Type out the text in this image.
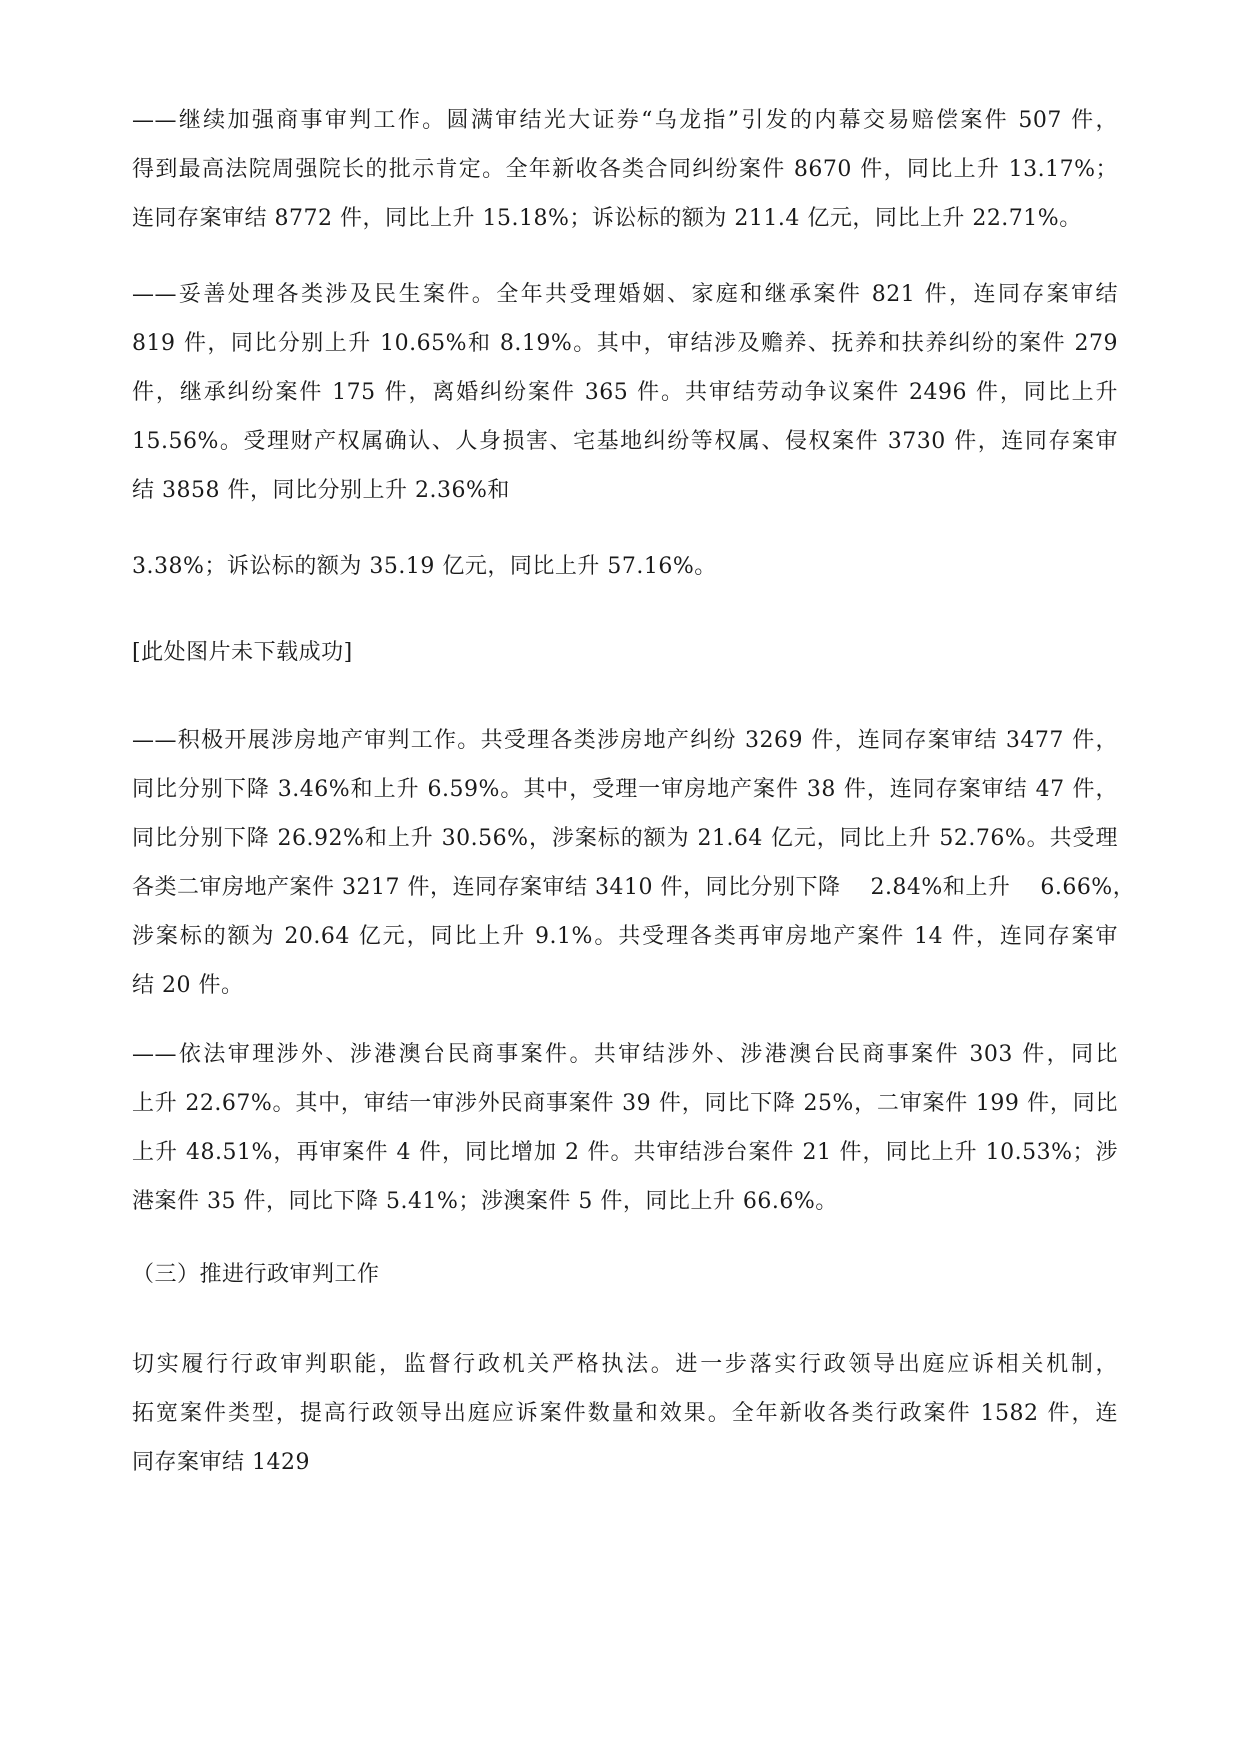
——继续加强商事审判工作。圆满审结光大证券“乌龙指”引发的内幕交易赔偿案件 507 件，
得到最高法院周强院长的批示肯定。全年新收各类合同纠纷案件 8670 件，同比上升 13.17%；
连同存案审结 8772 件，同比上升 15.18%；诉讼标的额为 211.4 亿元，同比上升 22.71%。

——妥善处理各类涉及民生案件。全年共受理婚姻、家庭和继承案件 821 件，连同存案审结
819 件，同比分别上升 10.65%和 8.19%。其中，审结涉及赡养、抚养和扶养纠纷的案件 279
件，继承纠纷案件 175 件，离婚纠纷案件 365 件。共审结劳动争议案件 2496 件，同比上升
15.56%。受理财产权属确认、人身损害、宅基地纠纷等权属、侵权案件 3730 件，连同存案审
结 3858 件，同比分别上升 2.36%和

3.38%；诉讼标的额为 35.19 亿元，同比上升 57.16%。

[此处图片未下载成功]

——积极开展涉房地产审判工作。共受理各类涉房地产纠纷 3269 件，连同存案审结 3477 件，
同比分别下降 3.46%和上升 6.59%。其中，受理一审房地产案件 38 件，连同存案审结 47 件，
同比分别下降 26.92%和上升 30.56%，涉案标的额为 21.64 亿元，同比上升 52.76%。共受理
各类二审房地产案件 3217 件，连同存案审结 3410 件，同比分别下降　 2.84%和上升　 6.66%，
涉案标的额为 20.64 亿元，同比上升 9.1%。共受理各类再审房地产案件 14 件，连同存案审
结 20 件。

——依法审理涉外、涉港澳台民商事案件。共审结涉外、涉港澳台民商事案件 303 件，同比
上升 22.67%。其中，审结一审涉外民商事案件 39 件，同比下降 25%，二审案件 199 件，同比
上升 48.51%，再审案件 4 件，同比增加 2 件。共审结涉台案件 21 件，同比上升 10.53%；涉
港案件 35 件，同比下降 5.41%；涉澳案件 5 件，同比上升 66.6%。

（三）推进行政审判工作

切实履行行政审判职能，监督行政机关严格执法。进一步落实行政领导出庭应诉相关机制，
拓宽案件类型，提高行政领导出庭应诉案件数量和效果。全年新收各类行政案件 1582 件，连
同存案审结 1429
